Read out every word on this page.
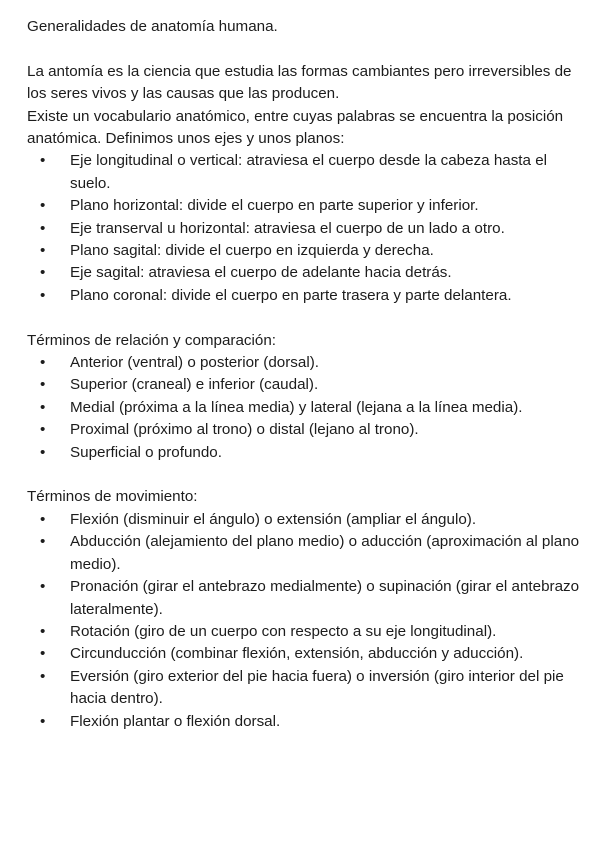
Generalidades de anatomía humana.

La antomía es la ciencia que estudia las formas cambiantes pero irreversibles de los seres vivos y las causas que las producen.

Existe un vocabulario anatómico, entre cuyas palabras se encuentra la posición anatómica. Definimos unos ejes y unos planos:

• Eje longitudinal o vertical: atraviesa el cuerpo desde la cabeza hasta el suelo.
• Plano horizontal: divide el cuerpo en parte superior y inferior.
• Eje transerval u horizontal: atraviesa el cuerpo de un lado a otro.
• Plano sagital: divide el cuerpo en izquierda y derecha.
• Eje sagital: atraviesa el cuerpo de adelante hacia detrás.
• Plano coronal: divide el cuerpo en parte trasera y parte delantera.

Términos de relación y comparación:

• Anterior (ventral) o posterior (dorsal).
• Superior (craneal) e inferior (caudal).
• Medial (próxima a la línea media) y lateral (lejana a la línea media).
• Proximal (próximo al trono) o distal (lejano al trono).
• Superficial o profundo.

Términos de movimiento:

• Flexión (disminuir el ángulo) o extensión (ampliar el ángulo).
• Abducción (alejamiento del plano medio) o aducción (aproximación al plano medio).
• Pronación (girar el antebrazo medialmente) o supinación (girar el antebrazo lateralmente).
• Rotación (giro de un cuerpo con respecto a su eje longitudinal).
• Circunducción (combinar flexión, extensión, abducción y aducción).
• Eversión (giro exterior del pie hacia fuera) o inversión (giro interior del pie hacia dentro).
• Flexión plantar o flexión dorsal.
